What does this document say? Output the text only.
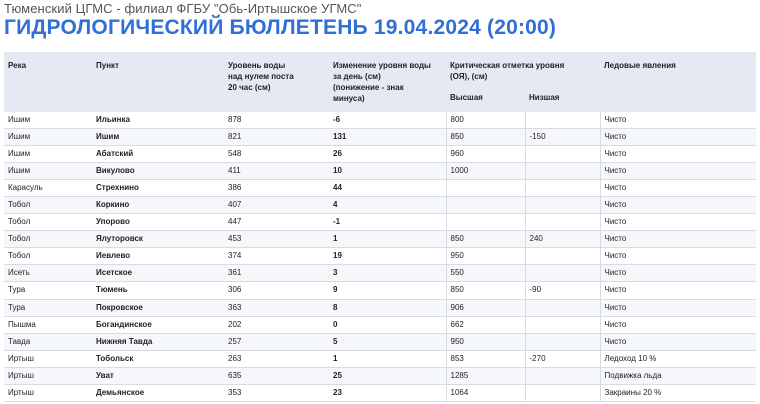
Тюменский ЦГМС - филиал ФГБУ "Обь-Иртышское УГМС"
ГИДРОЛОГИЧЕСКИЙ БЮЛЛЕТЕНЬ 19.04.2024 (20:00)
Река	Пункт	Уровень воды
над нулем поста
20 час (см)	Изменение уровня воды
за день (см)
(понижение - знак
минуса)	Критическая отметка уровня
(ОЯ), (см)		Ледовые явления
				Высшая	Низшая	
Ишим	Ильинка	878	-6	800		Чисто
Ишим	Ишим	821	131	850	-150	Чисто
Ишим	Абатский	548	26	960		Чисто
Ишим	Викулово	411	10	1000		Чисто
Карасуль	Стрехнино	386	44			Чисто
Тобол	Коркино	407	4			Чисто
Тобол	Упорово	447	-1			Чисто
Тобол	Ялуторовск	453	1	850	240	Чисто
Тобол	Иевлево	374	19	950		Чисто
Исеть	Исетское	361	3	550		Чисто
Тура	Тюмень	306	9	850	-90	Чисто
Тура	Покровское	363	8	906		Чисто
Пышма	Богандинское	202	0	662		Чисто
Тавда	Нижняя Тавда	257	5	950		Чисто
Иртыш	Тобольск	263	1	853	-270	Ледоход 10 %
Иртыш	Уват	635	25	1285		Подвижка льда
Иртыш	Демьянское	353	23	1064		Закраины 20 %
